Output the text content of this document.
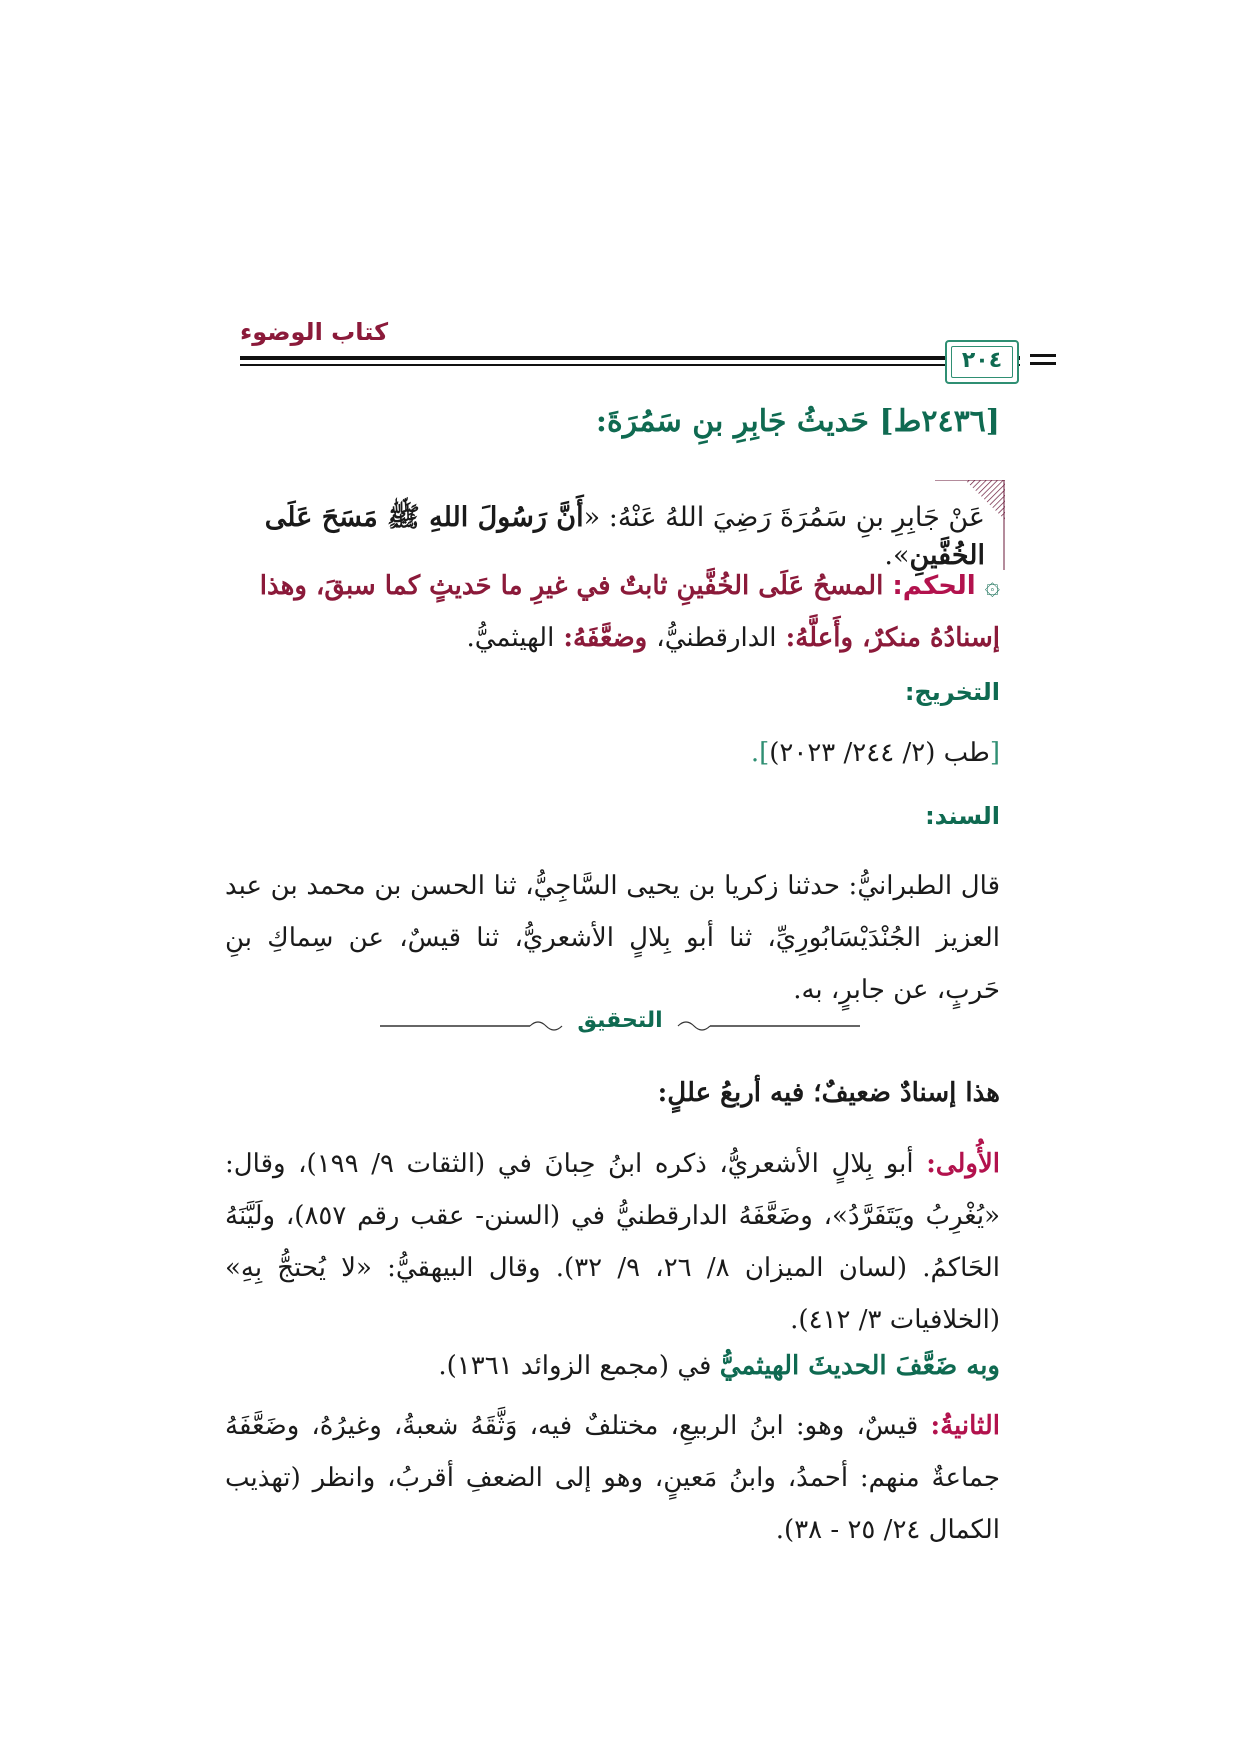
كتاب الوضوء
٢٠٤
[٢٤٣٦ط] حَديثُ جَابِرِ بنِ سَمُرَةَ:
عَنْ جَابِرِ بنِ سَمُرَةَ رَضِيَ اللهُ عَنْهُ: «أَنَّ رَسُولَ اللهِ ﷺ مَسَحَ عَلَى الخُفَّينِ».
۞ الحكم: المسحُ عَلَى الخُفَّينِ ثابتٌ في غيرِ ما حَديثٍ كما سبقَ، وهذا إسنادُهُ منكرٌ، وأَعلَّهُ: الدارقطنيُّ، وضعَّفَهُ: الهيثميُّ.
التخريج:
[طب (٢/ ٢٤٤/ ٢٠٢٣)].
السند:
قال الطبرانيُّ: حدثنا زكريا بن يحيى السَّاجِيُّ، ثنا الحسن بن محمد بن عبد العزيز الجُنْدَيْسَابُورِيِّ، ثنا أبو بِلالٍ الأشعريُّ، ثنا قيسٌ، عن سِماكِ بنِ حَربٍ، عن جابرٍ، به.
التحقيق
هذا إسنادٌ ضعيفٌ؛ فيه أربعُ عللٍ:
الأُولى: أبو بِلالٍ الأشعريُّ، ذكره ابنُ حِبانَ في (الثقات ٩/ ١٩٩)، وقال: «يُغْرِبُ ويَتَفَرَّدُ»، وضَعَّفَهُ الدارقطنيُّ في (السنن- عقب رقم ٨٥٧)، ولَيَّنَهُ الحَاكمُ. (لسان الميزان ٨/ ٢٦، ٩/ ٣٢). وقال البيهقيُّ: «لا يُحتجُّ بِهِ» (الخلافيات ٣/ ٤١٢).
وبه ضَعَّفَ الحديثَ الهيثميُّ في (مجمع الزوائد ١٣٦١).
الثانيةُ: قيسٌ، وهو: ابنُ الربيعِ، مختلفٌ فيه، وَثَّقَهُ شعبةُ، وغيرُهُ، وضَعَّفَهُ جماعةٌ منهم: أحمدُ، وابنُ مَعينٍ، وهو إلى الضعفِ أقربُ، وانظر (تهذيب الكمال ٢٤/ ٢٥ - ٣٨).
